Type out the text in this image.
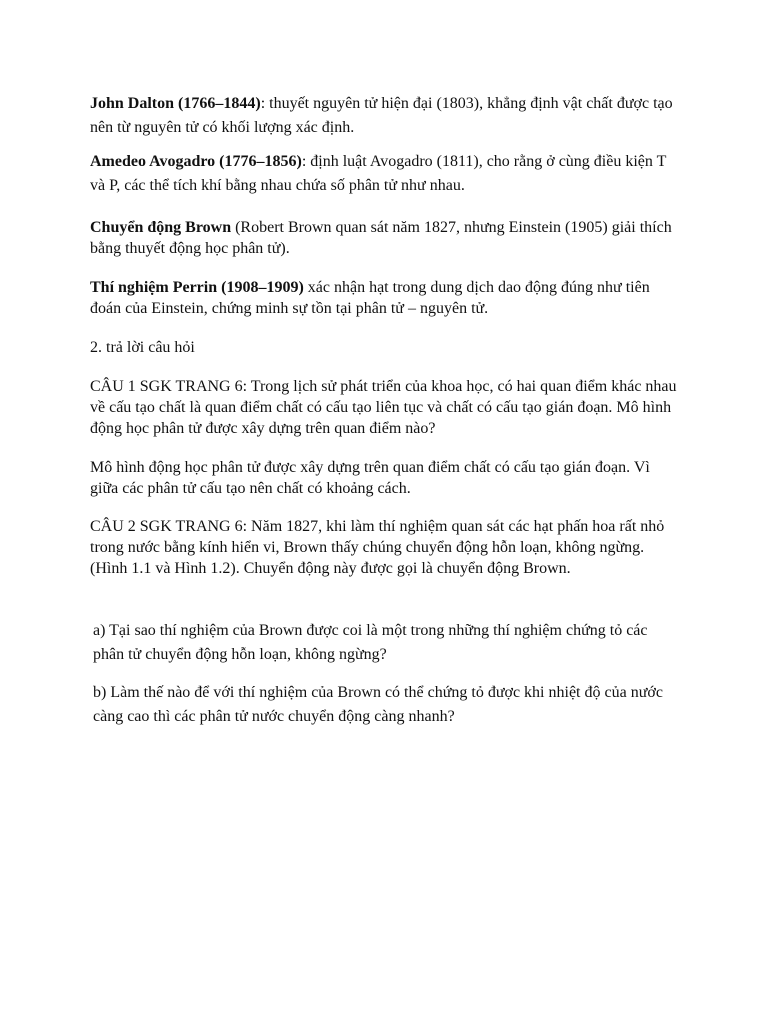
John Dalton (1766–1844): thuyết nguyên tử hiện đại (1803), khẳng định vật chất được tạo nên từ nguyên tử có khối lượng xác định.

Amedeo Avogadro (1776–1856): định luật Avogadro (1811), cho rằng ở cùng điều kiện T và P, các thể tích khí bằng nhau chứa số phân tử như nhau.

Chuyển động Brown (Robert Brown quan sát năm 1827, nhưng Einstein (1905) giải thích bằng thuyết động học phân tử).

Thí nghiệm Perrin (1908–1909) xác nhận hạt trong dung dịch dao động đúng như tiên đoán của Einstein, chứng minh sự tồn tại phân tử – nguyên tử.

2. trả lời câu hỏi

CÂU 1 SGK TRANG 6: Trong lịch sử phát triển của khoa học, có hai quan điểm khác nhau về cấu tạo chất là quan điểm chất có cấu tạo liên tục và chất có cấu tạo gián đoạn. Mô hình động học phân tử được xây dựng trên quan điểm nào?

Mô hình động học phân tử được xây dựng trên quan điểm chất có cấu tạo gián đoạn. Vì giữa các phân tử cấu tạo nên chất có khoảng cách.

CÂU 2 SGK TRANG 6: Năm 1827, khi làm thí nghiệm quan sát các hạt phấn hoa rất nhỏ trong nước bằng kính hiển vi, Brown thấy chúng chuyển động hỗn loạn, không ngừng. (Hình 1.1 và Hình 1.2). Chuyển động này được gọi là chuyển động Brown.

a) Tại sao thí nghiệm của Brown được coi là một trong những thí nghiệm chứng tỏ các phân tử chuyển động hỗn loạn, không ngừng?

b) Làm thế nào để với thí nghiệm của Brown có thể chứng tỏ được khi nhiệt độ của nước càng cao thì các phân tử nước chuyển động càng nhanh?
